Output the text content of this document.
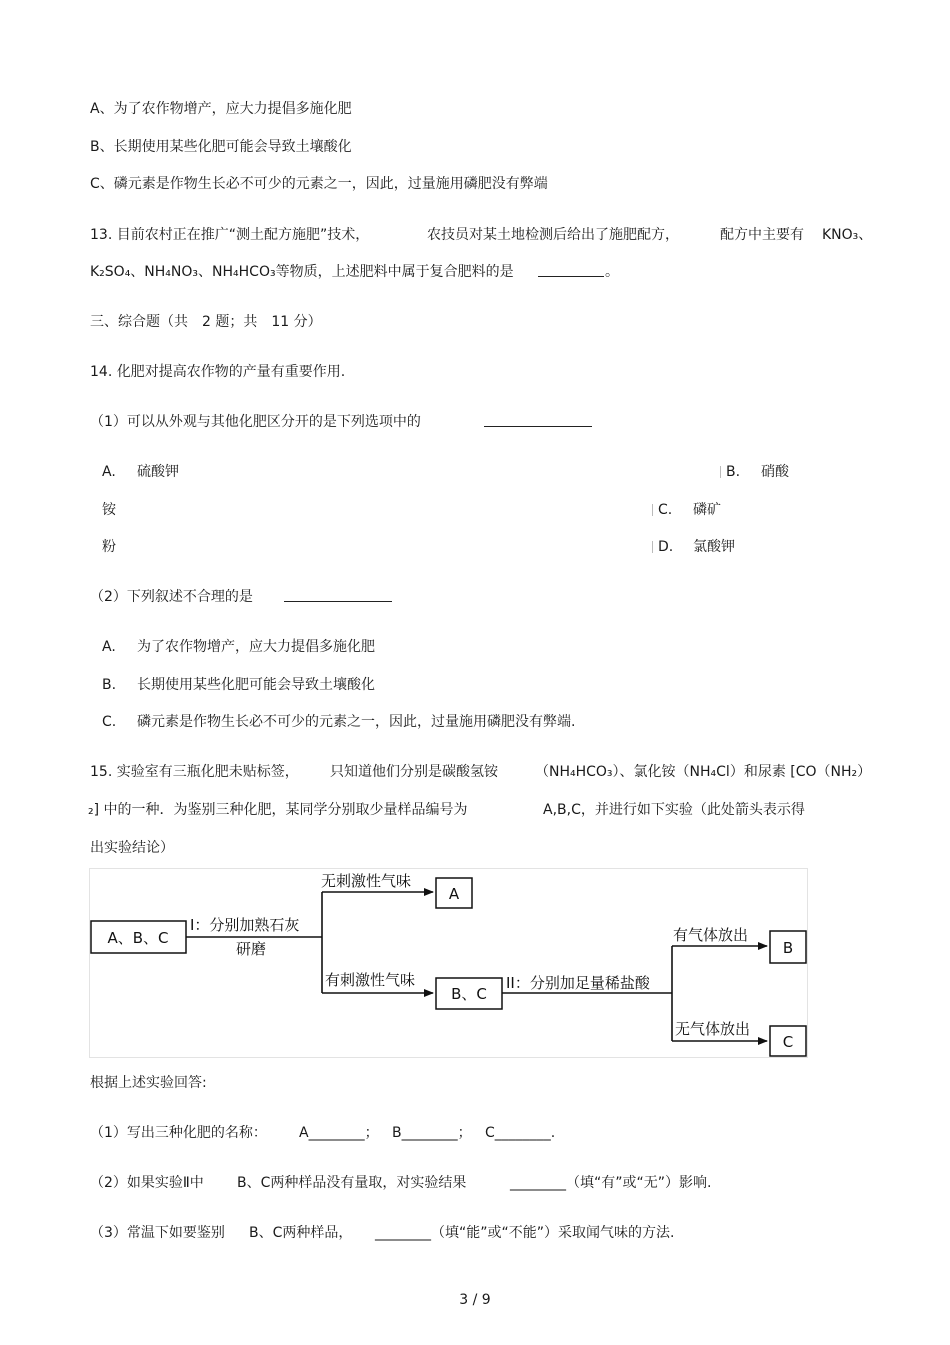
A、为了农作物增产，应大力提倡多施化肥
B、长期使用某些化肥可能会导致土壤酸化
C、磷元素是作物生长必不可少的元素之一，因此，过量施用磷肥没有弊端
13. 目前农村正在推广“测土配方施肥”技术，	农技员对某土地检测后给出了施肥配方，	配方中主要有 KNO₃、
K₂SO₄、NH₄NO₃、NH₄HCO₃等物质，上述肥料中属于复合肥料的是	。
三、综合题（共　2 题；共　11 分）
14. 化肥对提高农作物的产量有重要作用.
（1）可以从外观与其他化肥区分开的是下列选项中的
A. 硫酸钾	B. 硝酸
铵	C. 磷矿
粉	D. 氯酸钾
（2）下列叙述不合理的是
A. 为了农作物增产，应大力提倡多施化肥
B. 长期使用某些化肥可能会导致土壤酸化
C. 磷元素是作物生长必不可少的元素之一，因此，过量施用磷肥没有弊端.
15. 实验室有三瓶化肥未贴标签， 只知道他们分别是碳酸氢铵	（NH₄HCO₃）、氯化铵（NH₄Cl）和尿素 [CO（NH₂）
₂] 中的一种．为鉴别三种化肥，某同学分别取少量样品编号为	A,B,C，并进行如下实验（此处箭头表示得
出实验结论）
A、B、C
I：分别加熟石灰
研磨
无刺激性气味
A
有刺激性气味
B、C
II：分别加足量稀盐酸
有气体放出
B
无气体放出
C
根据上述实验回答:
（1）写出三种化肥的名称： A________； B________； C________.
（2）如果实验Ⅱ中 B、C两种样品没有量取，对实验结果	________（填“有”或“无”）影响.
（3）常温下如要鉴别 B、C两种样品， ________（填“能”或“不能”）采取闻气味的方法.
3 / 9
